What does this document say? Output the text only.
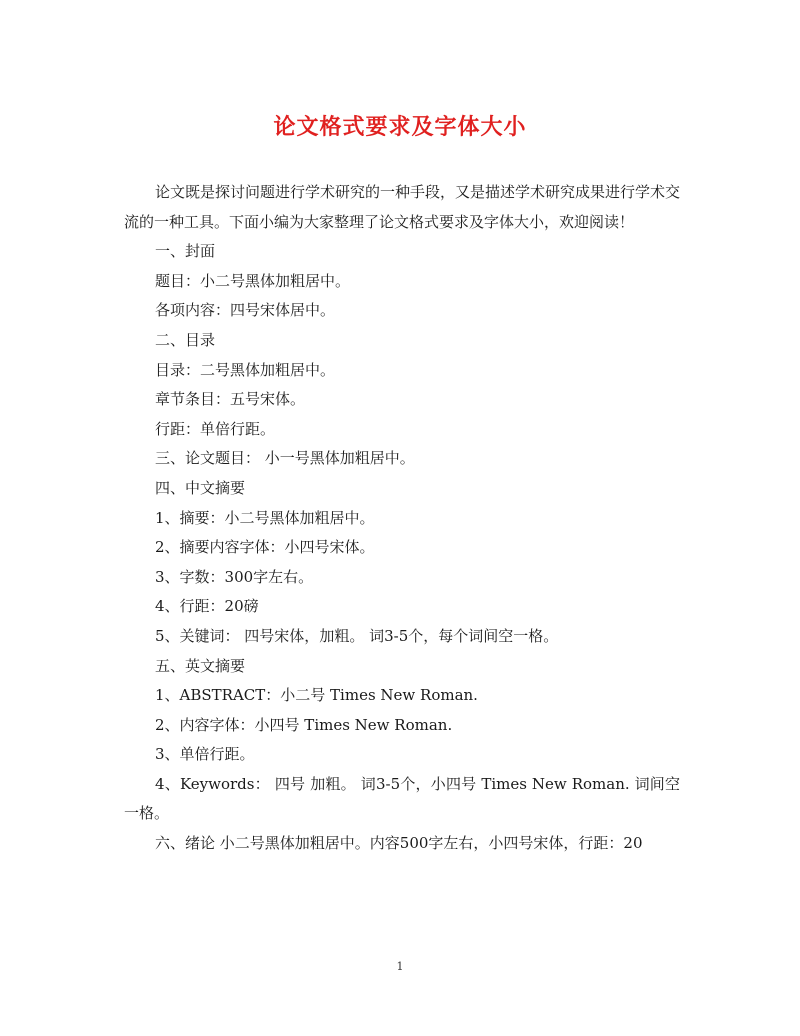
论文格式要求及字体大小

论文既是探讨问题进行学术研究的一种手段，又是描述学术研究成果进行学术交流的一种工具。下面小编为大家整理了论文格式要求及字体大小，欢迎阅读！

一、封面

题目：小二号黑体加粗居中。

各项内容：四号宋体居中。

二、目录

目录：二号黑体加粗居中。

章节条目：五号宋体。

行距：单倍行距。

三、论文题目： 小一号黑体加粗居中。

四、中文摘要

1、摘要：小二号黑体加粗居中。

2、摘要内容字体：小四号宋体。

3、字数：300字左右。

4、行距：20磅

5、关键词： 四号宋体，加粗。 词3-5个，每个词间空一格。

五、英文摘要

1、ABSTRACT：小二号 Times New Roman.

2、内容字体：小四号 Times New Roman.

3、单倍行距。

4、Keywords： 四号 加粗。 词3-5个，小四号 Times New Roman. 词间空一格。

六、绪论 小二号黑体加粗居中。内容500字左右，小四号宋体，行距：20

1
